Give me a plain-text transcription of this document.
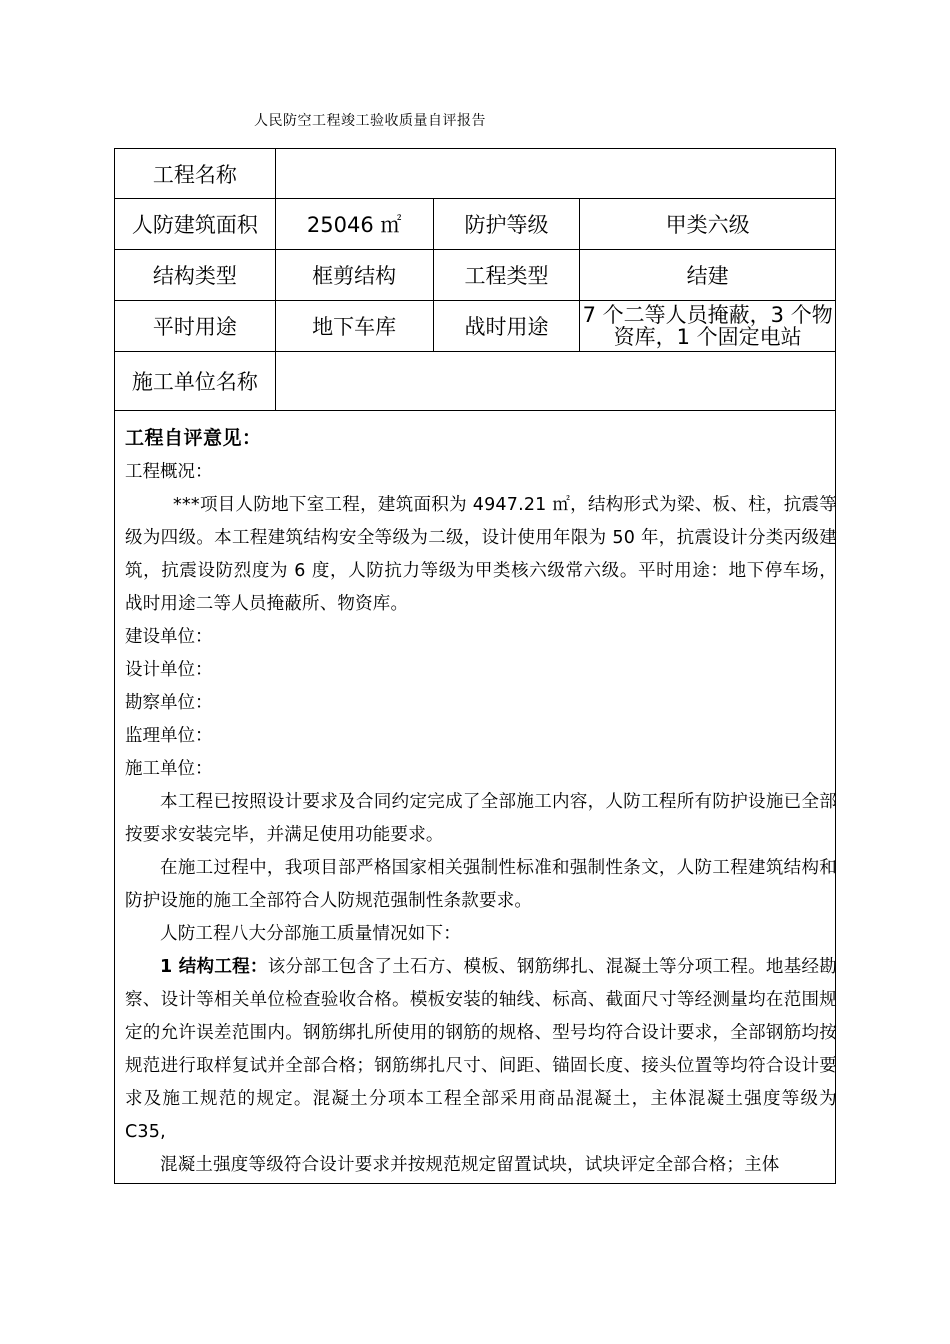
人民防空工程竣工验收质量自评报告
工程名称			
人防建筑面积	25046 ㎡	防护等级	甲类六级
结构类型	框剪结构	工程类型	结建
平时用途	地下车库	战时用途	7 个二等人员掩蔽，3 个物资库，1 个固定电站
施工单位名称			
工程自评意见：
工程概况：
***项目人防地下室工程，建筑面积为 4947.21 ㎡，结构形式为梁、板、柱，抗震等级为四级。本工程建筑结构安全等级为二级，设计使用年限为 50 年，抗震设计分类丙级建筑，抗震设防烈度为 6 度，人防抗力等级为甲类核六级常六级。平时用途：地下停车场，战时用途二等人员掩蔽所、物资库。
建设单位：
设计单位：
勘察单位：
监理单位：
施工单位：
本工程已按照设计要求及合同约定完成了全部施工内容，人防工程所有防护设施已全部按要求安装完毕，并满足使用功能要求。
在施工过程中，我项目部严格国家相关强制性标准和强制性条文，人防工程建筑结构和防护设施的施工全部符合人防规范强制性条款要求。
人防工程八大分部施工质量情况如下：
1 结构工程：该分部工包含了土石方、模板、钢筋绑扎、混凝土等分项工程。地基经勘察、设计等相关单位检查验收合格。模板安装的轴线、标高、截面尺寸等经测量均在范围规定的允许误差范围内。钢筋绑扎所使用的钢筋的规格、型号均符合设计要求，全部钢筋均按规范进行取样复试并全部合格；钢筋绑扎尺寸、间距、锚固长度、接头位置等均符合设计要求及施工规范的规定。混凝土分项本工程全部采用商品混凝土，主体混凝土强度等级为 C35,
混凝土强度等级符合设计要求并按规范规定留置试块，试块评定全部合格；主体
